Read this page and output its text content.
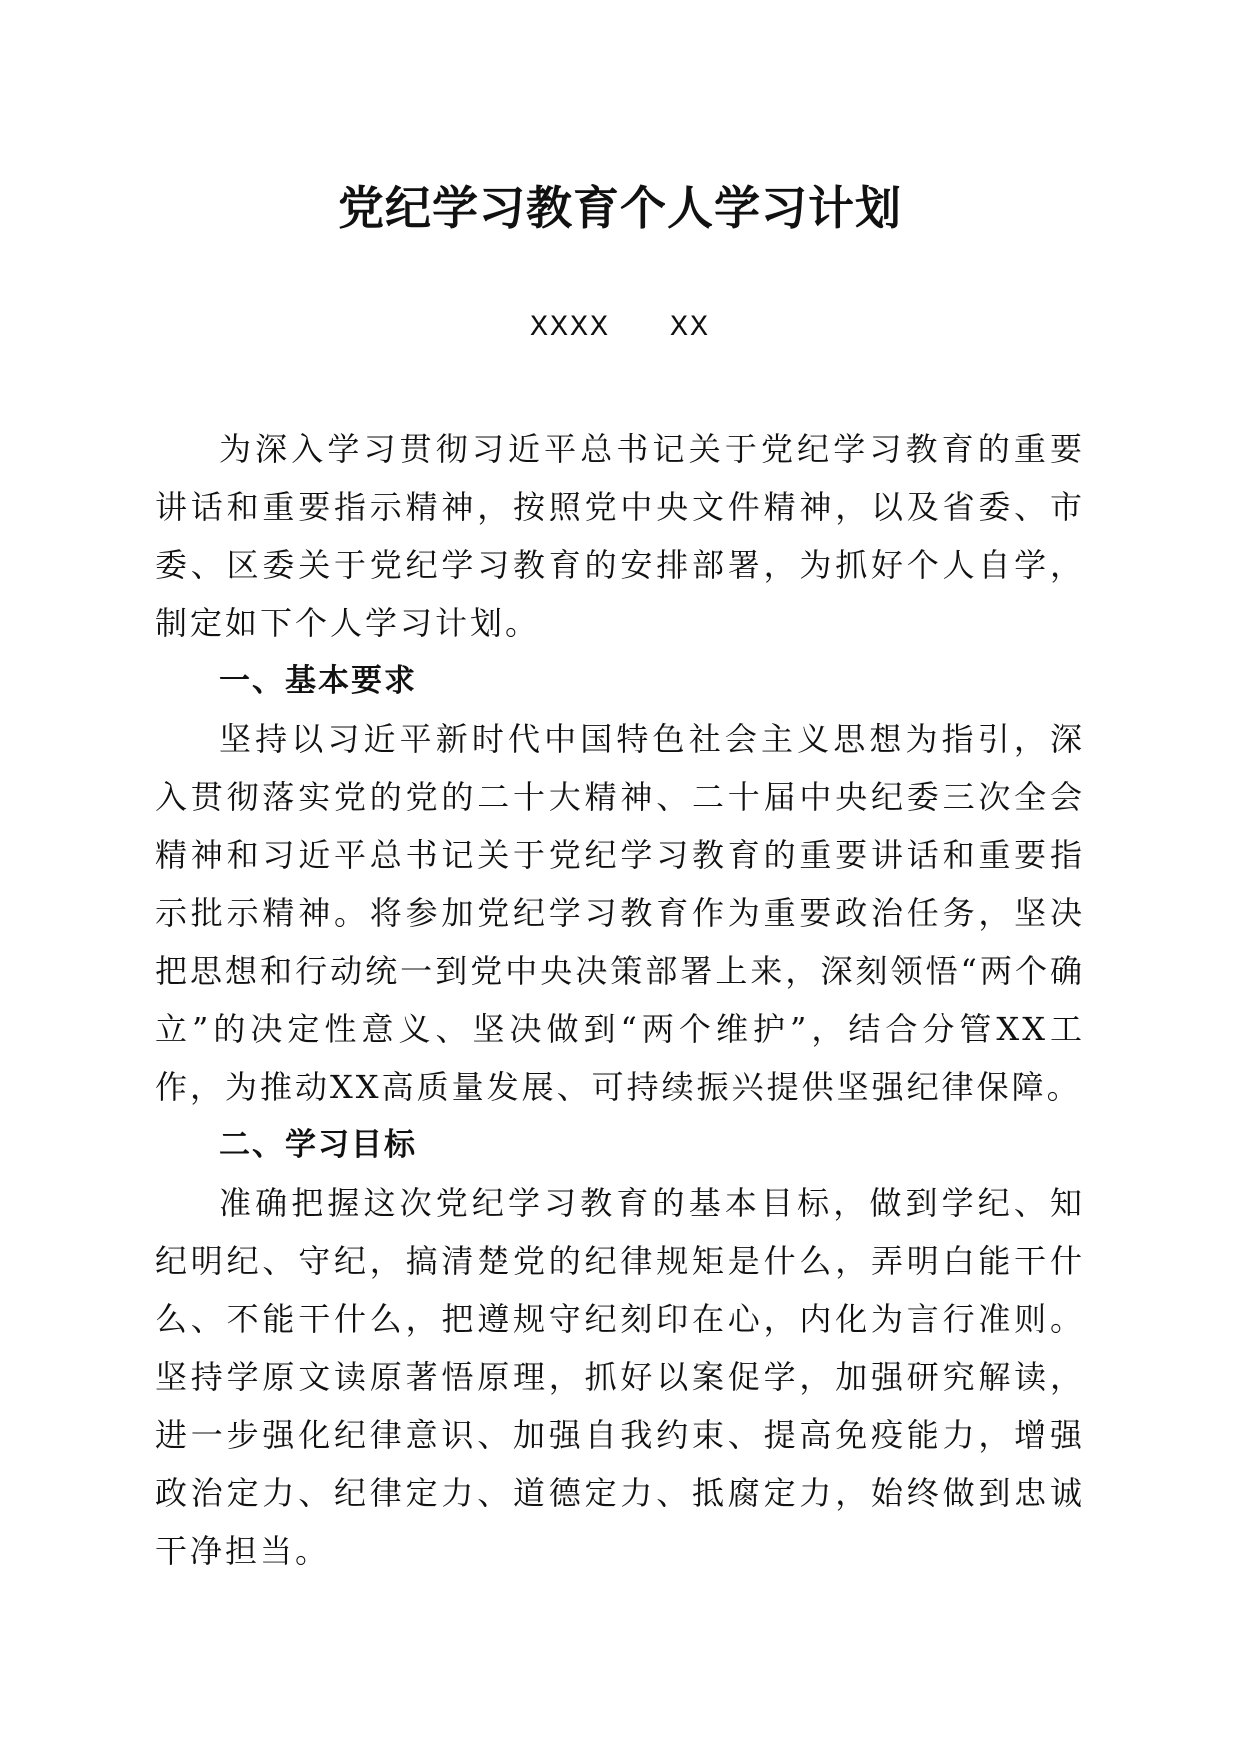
党纪学习教育个人学习计划
XXXX   XX

为深入学习贯彻习近平总书记关于党纪学习教育的重要讲话和重要指示精神，按照党中央文件精神，以及省委、市委、区委关于党纪学习教育的安排部署，为抓好个人自学，制定如下个人学习计划。

一、基本要求

坚持以习近平新时代中国特色社会主义思想为指引，深入贯彻落实党的党的二十大精神、二十届中央纪委三次全会精神和习近平总书记关于党纪学习教育的重要讲话和重要指示批示精神。将参加党纪学习教育作为重要政治任务，坚决把思想和行动统一到党中央决策部署上来，深刻领悟“两个确立”的决定性意义、坚决做到“两个维护”，结合分管XX工作，为推动XX高质量发展、可持续振兴提供坚强纪律保障。

二、学习目标

准确把握这次党纪学习教育的基本目标，做到学纪、知纪明纪、守纪，搞清楚党的纪律规矩是什么，弄明白能干什么、不能干什么，把遵规守纪刻印在心，内化为言行准则。坚持学原文读原著悟原理，抓好以案促学，加强研究解读，进一步强化纪律意识、加强自我约束、提高免疫能力，增强政治定力、纪律定力、道德定力、抵腐定力，始终做到忠诚干净担当。
